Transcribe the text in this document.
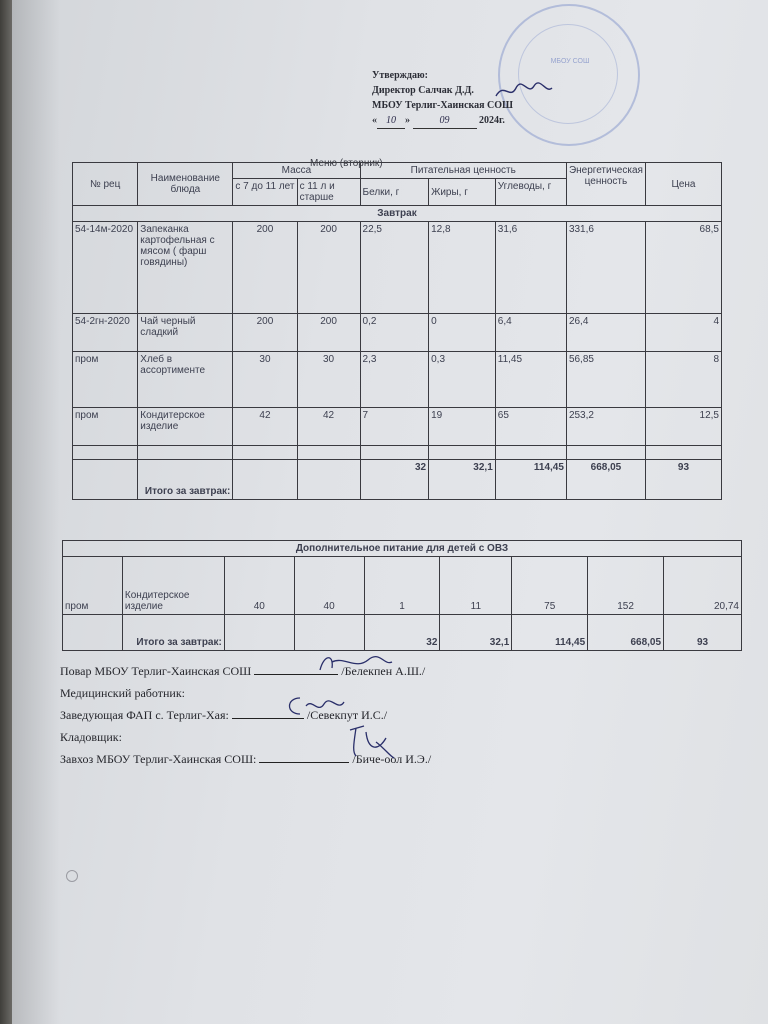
МБОУ СОШ
Утверждаю:
Директор Салчак Д.Д.
МБОУ Терлиг-Хаинская СОШ
« 10 »	09	2024г.
Меню (вторник)
№ рец	Наименование блюда	Масса		Питательная ценность			Энергетическая ценность	Цена
		с 7 до 11 лет	с 11 л и старше	Белки, г	Жиры, г	Углеводы, г		
Завтрак								
54-14м-2020	Запеканка картофельная с мясом ( фарш говядины)	200	200	22,5	12,8	31,6	331,6	68,5
54-2гн-2020	Чай черный сладкий	200	200	0,2	0	6,4	26,4	4
пром	Хлеб в ассортименте	30	30	2,3	0,3	11,45	56,85	8
пром	Кондитерское изделие	42	42	7	19	65	253,2	12,5

	Итого за завтрак:			32	32,1	114,45	668,05	93
Дополнительное питание для детей с ОВЗ								
пром	Кондитерское изделие	40	40	1	11	75	152	20,74
	Итого за завтрак:			32	32,1	114,45	668,05	93
Повар МБОУ Терлиг-Хаинская СОШ	/Белекпен А.Ш./
Медицинский работник:
Заведующая ФАП с. Терлиг-Хая:	/Севекпут И.С./
Кладовщик:
Завхоз МБОУ Терлиг-Хаинская СОШ:	/Биче-оол И.Э./
